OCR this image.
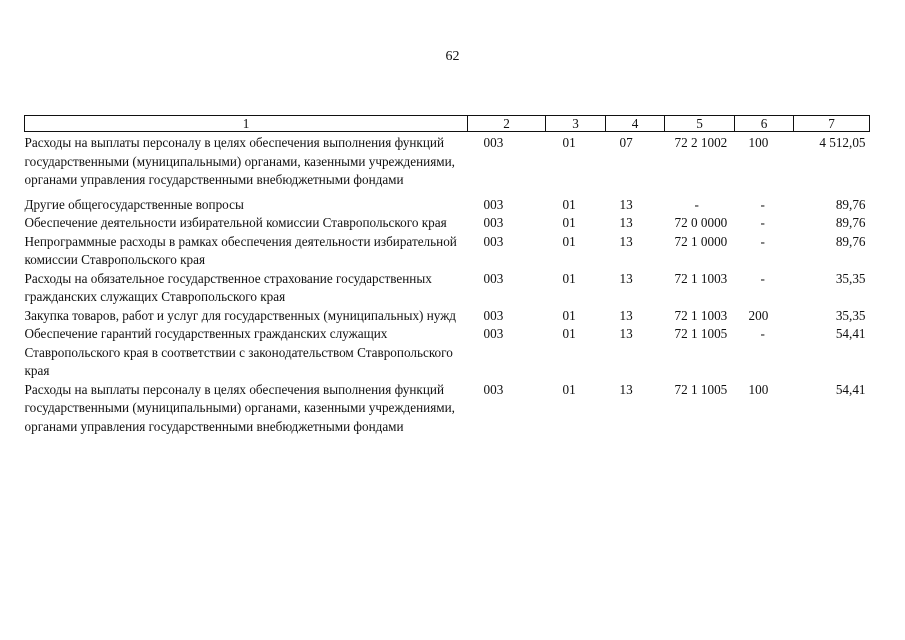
62
1	2	3	4	5	6	7
Расходы на выплаты персоналу в целях обеспечения выполнения функций государственными (муниципальными) органами, казенными учреждениями, органами управления государственными внебюджетными фондами	003	01	07	72 2 1002	100	4 512,05
Другие общегосударственные вопросы	003	01	13	-	-	89,76
Обеспечение деятельности избирательной комиссии Ставропольского края	003	01	13	72 0 0000	-	89,76
Непрограммные расходы в рамках обеспечения деятельности избирательной комиссии Ставропольского края	003	01	13	72 1 0000	-	89,76
Расходы на обязательное государственное страхование государственных гражданских служащих Ставропольского края	003	01	13	72 1 1003	-	35,35
Закупка товаров, работ и услуг для государственных (муниципальных) нужд	003	01	13	72 1 1003	200	35,35
Обеспечение гарантий государственных гражданских служащих Ставропольского края в соответствии с законодательством Ставропольского края	003	01	13	72 1 1005	-	54,41
Расходы на выплаты персоналу в целях обеспечения выполнения функций государственными (муниципальными) органами, казенными учреждениями, органами управления государственными внебюджетными фондами	003	01	13	72 1 1005	100	54,41
